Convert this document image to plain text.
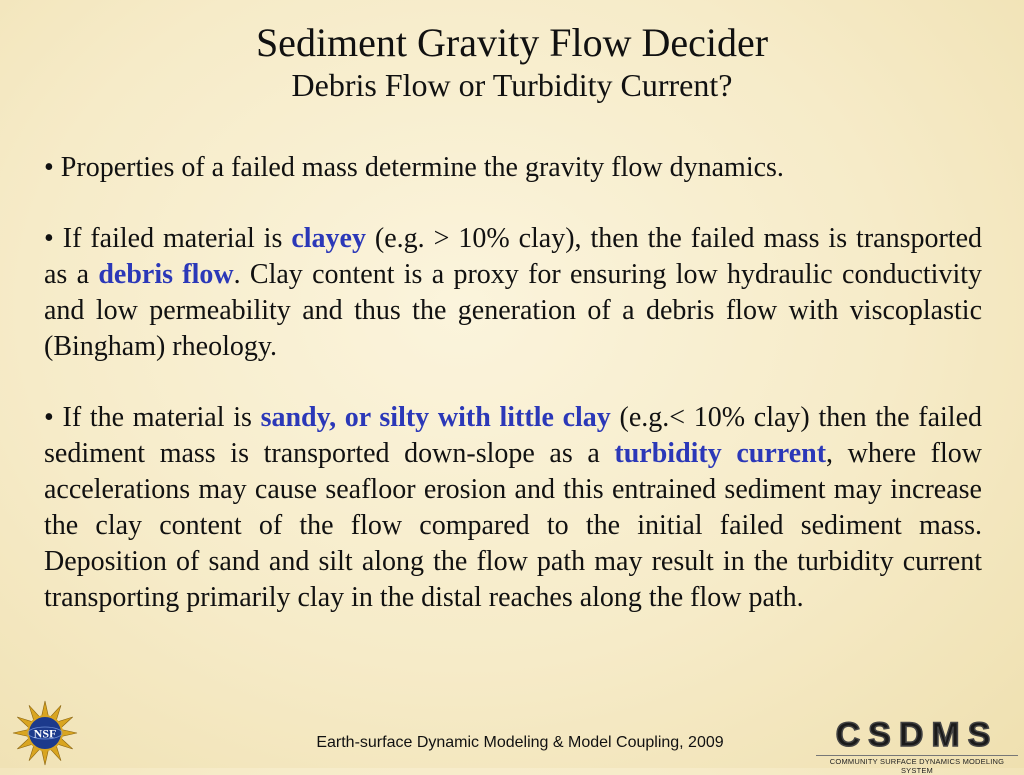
Sediment Gravity Flow Decider
Debris Flow or Turbidity Current?

• Properties of a failed mass determine the gravity flow dynamics.

• If failed material is clayey (e.g. > 10% clay), then the failed mass is transported as a debris flow. Clay content is a proxy for ensuring low hydraulic conductivity and low permeability and thus the generation of a debris flow with viscoplastic (Bingham) rheology.

• If the material is sandy, or silty with little clay (e.g.< 10% clay) then the failed sediment mass is transported down-slope as a turbidity current, where flow accelerations may cause seafloor erosion and this entrained sediment may increase the clay content of the flow compared to the initial failed sediment mass. Deposition of sand and silt along the flow path may result in the turbidity current transporting primarily clay in the distal reaches along the flow path.

NSF
Earth-surface Dynamic Modeling & Model Coupling, 2009	CSDMS
COMMUNITY SURFACE DYNAMICS MODELING SYSTEM
